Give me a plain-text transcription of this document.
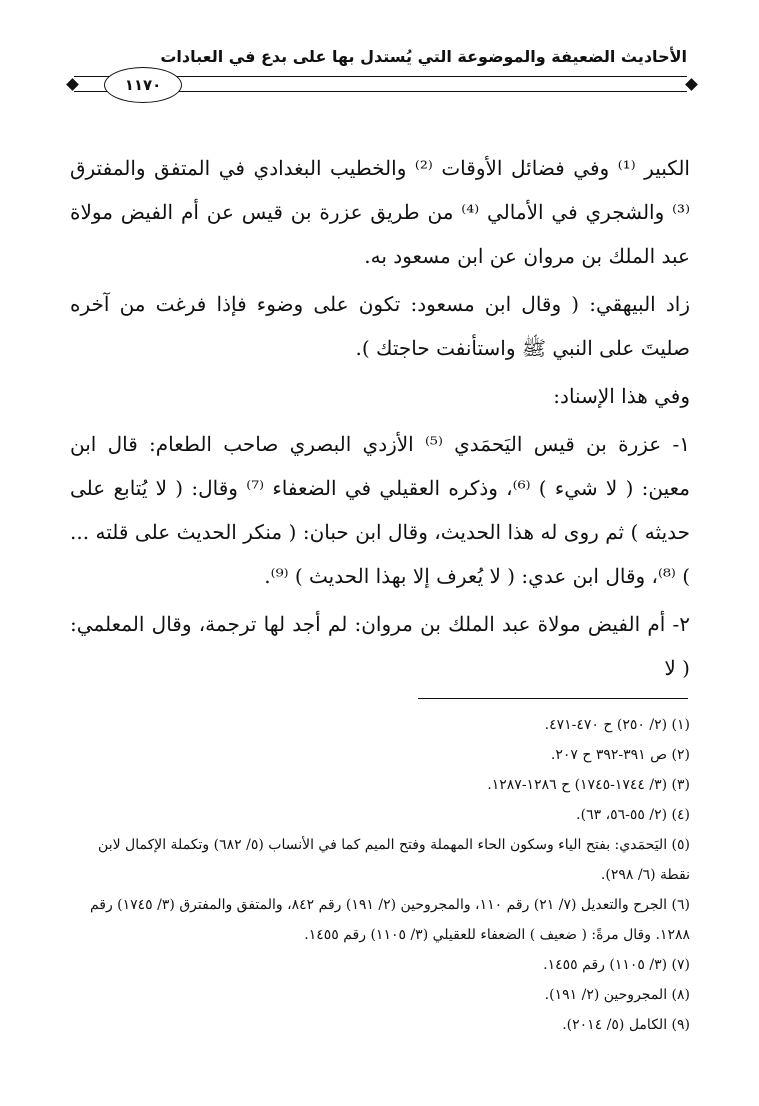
الأحاديث الضعيفة والموضوعة التي يُستدل بها على بدع في العبادات
١١٧٠

الكبير ⁽¹⁾ وفي فضائل الأوقات ⁽²⁾ والخطيب البغدادي في المتفق والمفترق ⁽³⁾ والشجري في الأمالي ⁽⁴⁾ من طريق عزرة بن قيس عن أم الفيض مولاة عبد الملك بن مروان عن ابن مسعود به.

زاد البيهقي: ( وقال ابن مسعود: تكون على وضوء فإذا فرغت من آخره صليتَ على النبي ﷺ واستأنفت حاجتك ).

وفي هذا الإسناد:

١- عزرة بن قيس اليَحمَدي ⁽⁵⁾ الأزدي البصري صاحب الطعام: قال ابن معين: ( لا شيء ) ⁽⁶⁾، وذكره العقيلي في الضعفاء ⁽⁷⁾ وقال: ( لا يُتابع على حديثه ) ثم روى له هذا الحديث، وقال ابن حبان: ( منكر الحديث على قلته ... ) ⁽⁸⁾، وقال ابن عدي: ( لا يُعرف إلا بهذا الحديث ) ⁽⁹⁾.

٢- أم الفيض مولاة عبد الملك بن مروان: لم أجد لها ترجمة، وقال المعلمي: ( لا

(١) (٢/ ٢٥٠) ح ٤٧٠-٤٧١.
(٢) ص ٣٩١-٣٩٢ ح ٢٠٧.
(٣) (٣/ ١٧٤٤-١٧٤٥) ح ١٢٨٦-١٢٨٧.
(٤) (٢/ ٥٥-٥٦، ٦٣).
(٥) اليَحمَدي: بفتح الياء وسكون الحاء المهملة وفتح الميم كما في الأنساب (٥/ ٦٨٢) وتكملة الإكمال لابن نقطة (٦/ ٢٩٨).
(٦) الجرح والتعديل (٧/ ٢١) رقم ١١٠، والمجروحين (٢/ ١٩١) رقم ٨٤٢، والمتفق والمفترق (٣/ ١٧٤٥) رقم ١٢٨٨. وقال مرةً: ( ضعيف ) الضعفاء للعقيلي (٣/ ١١٠٥) رقم ١٤٥٥.
(٧) (٣/ ١١٠٥) رقم ١٤٥٥.
(٨) المجروحين (٢/ ١٩١).
(٩) الكامل (٥/ ٢٠١٤).
